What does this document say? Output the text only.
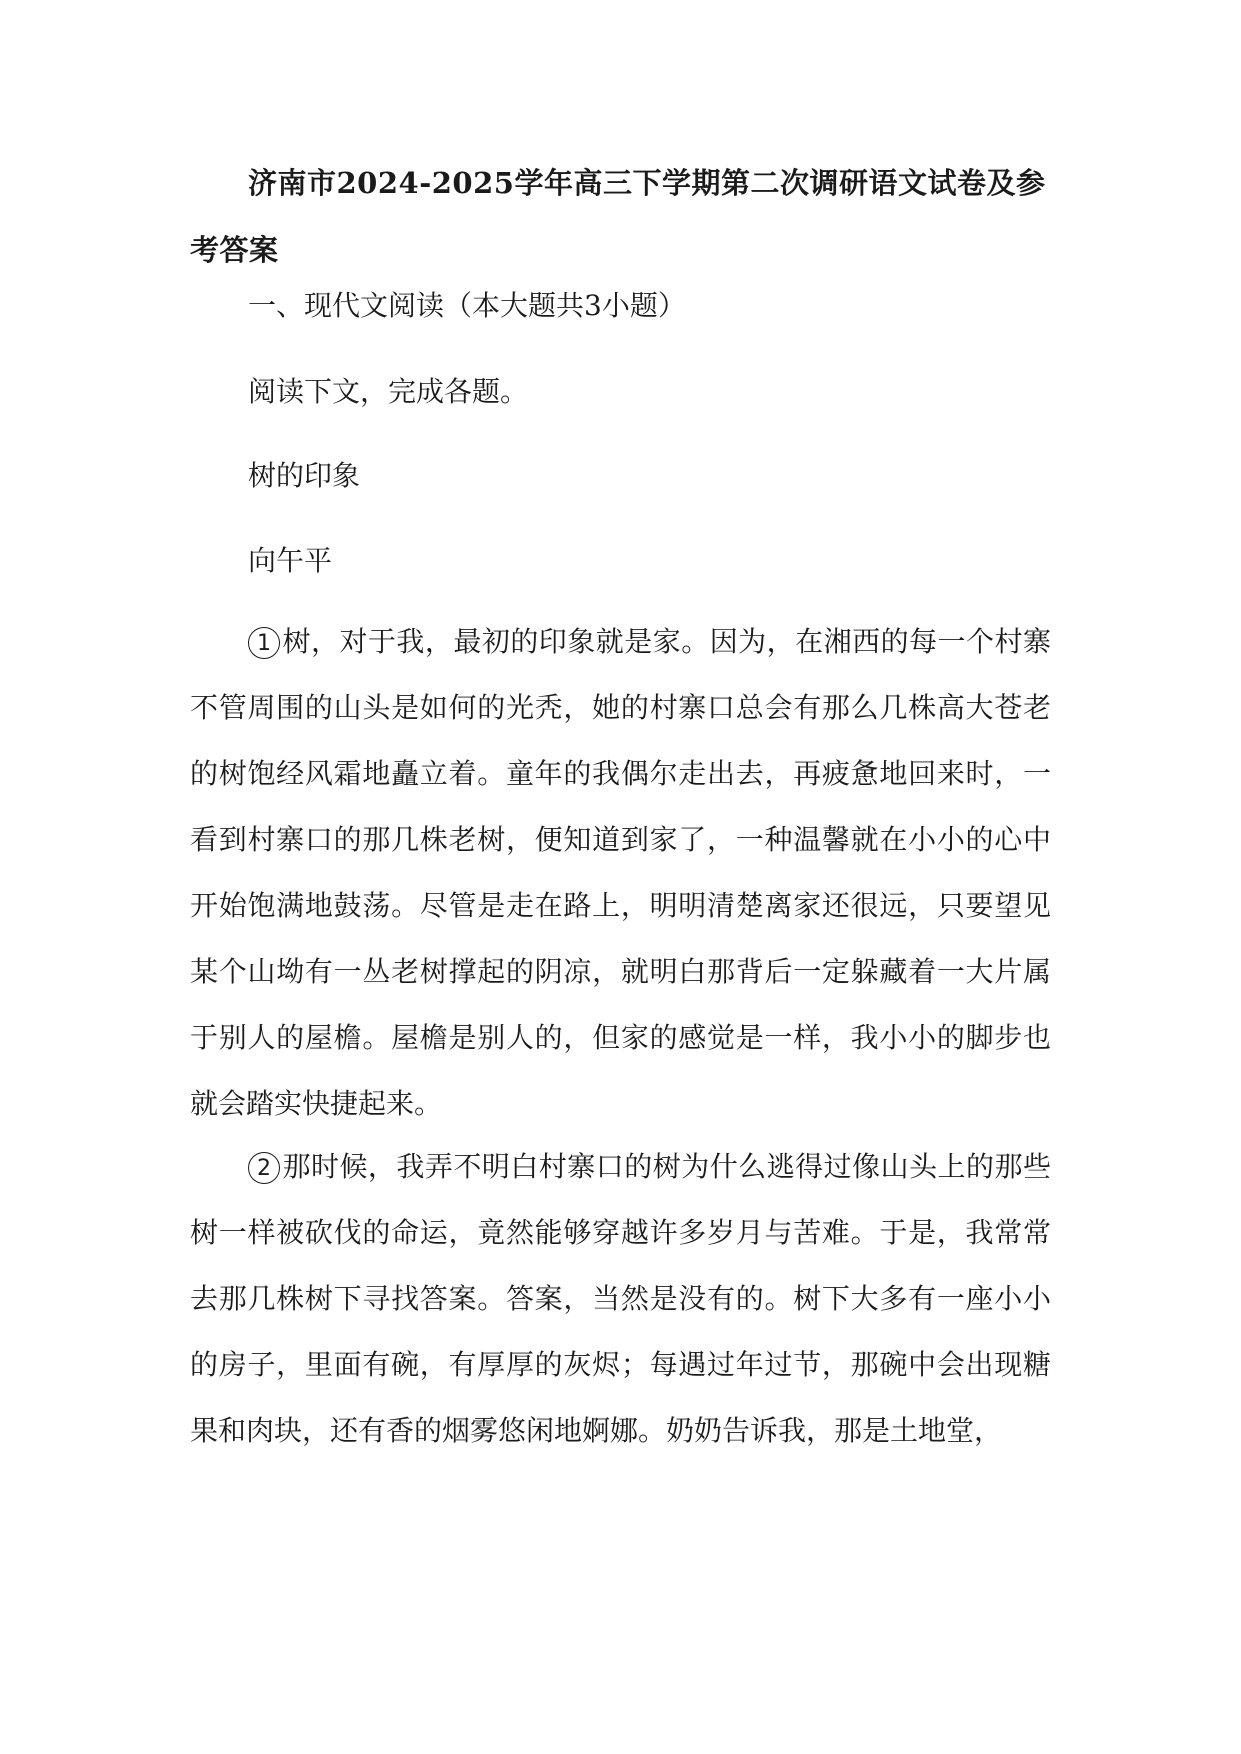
济南市2024-2025学年高三下学期第二次调研语文试卷及参考答案
一、现代文阅读（本大题共3小题）
阅读下文，完成各题。
树的印象
向午平

1 树，对于我，最初的印象就是家。因为，在湘西的每一个村寨不管周围的山头是如何的光秃，她的村寨口总会有那么几株高大苍老的树饱经风霜地矗立着。童年的我偶尔走出去，再疲惫地回来时，一看到村寨口的那几株老树，便知道到家了，一种温馨就在小小的心中开始饱满地鼓荡。尽管是走在路上，明明清楚离家还很远，只要望见某个山坳有一丛老树撑起的阴凉，就明白那背后一定躲藏着一大片属于别人的屋檐。屋檐是别人的，但家的感觉是一样，我小小的脚步也就会踏实快捷起来。

2 那时候，我弄不明白村寨口的树为什么逃得过像山头上的那些树一样被砍伐的命运，竟然能够穿越许多岁月与苦难。于是，我常常去那几株树下寻找答案。答案，当然是没有的。树下大多有一座小小的房子，里面有碗，有厚厚的灰烬；每遇过年过节，那碗中会出现糖果和肉块，还有香的烟雾悠闲地婀娜。奶奶告诉我，那是土地堂，
